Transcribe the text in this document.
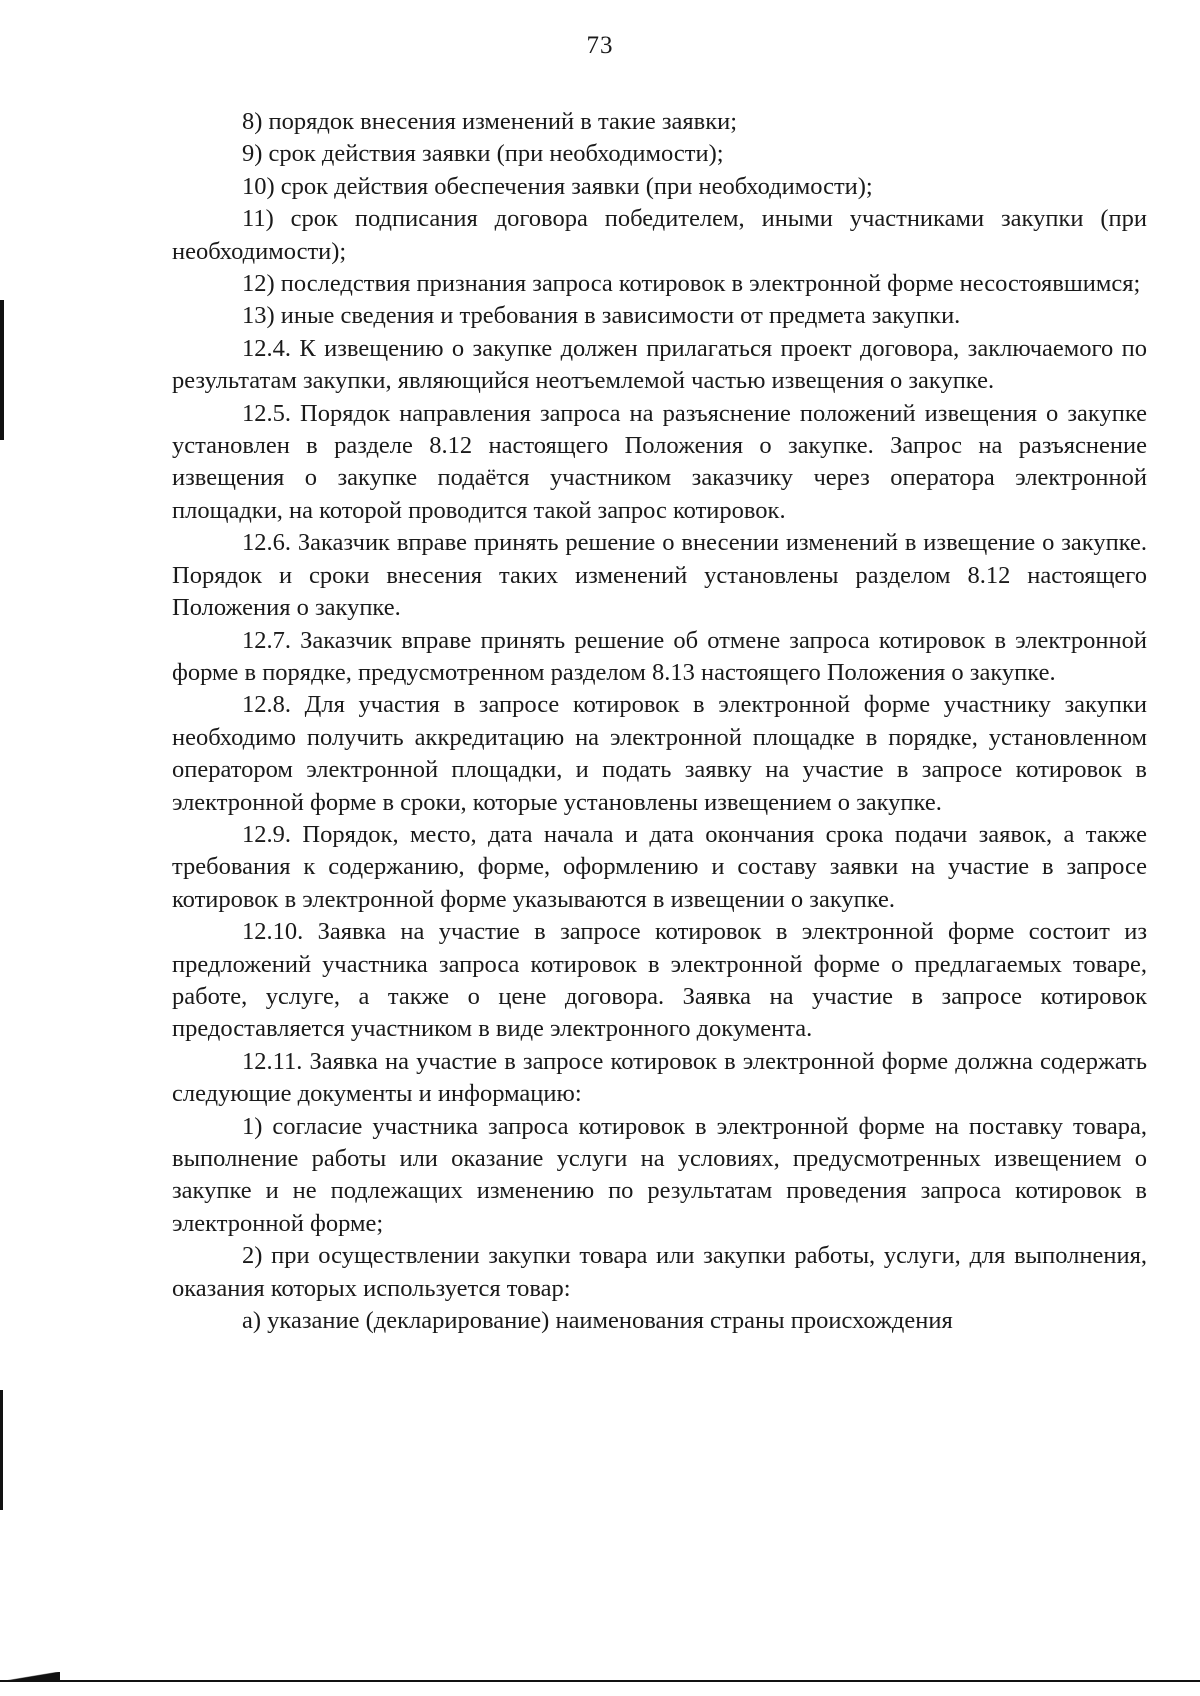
73

8) порядок внесения изменений в такие заявки;

9) срок действия заявки (при необходимости);

10) срок действия обеспечения заявки (при необходимости);

11) срок подписания договора победителем, иными участниками закупки (при необходимости);

12) последствия признания запроса котировок в электронной форме несостоявшимся;

13) иные сведения и требования в зависимости от предмета закупки.

12.4. К извещению о закупке должен прилагаться проект договора, заключаемого по результатам закупки, являющийся неотъемлемой частью извещения о закупке.

12.5. Порядок направления запроса на разъяснение положений извещения о закупке установлен в разделе 8.12 настоящего Положения о закупке. Запрос на разъяснение извещения о закупке подаётся участником заказчику через оператора электронной площадки, на которой проводится такой запрос котировок.

12.6. Заказчик вправе принять решение о внесении изменений в извещение о закупке. Порядок и сроки внесения таких изменений установлены разделом 8.12 настоящего Положения о закупке.

12.7. Заказчик вправе принять решение об отмене запроса котировок в электронной форме в порядке, предусмотренном разделом 8.13 настоящего Положения о закупке.

12.8. Для участия в запросе котировок в электронной форме участнику закупки необходимо получить аккредитацию на электронной площадке в порядке, установленном оператором электронной площадки, и подать заявку на участие в запросе котировок в электронной форме в сроки, которые установлены извещением о закупке.

12.9. Порядок, место, дата начала и дата окончания срока подачи заявок, а также требования к содержанию, форме, оформлению и составу заявки на участие в запросе котировок в электронной форме указываются в извещении о закупке.

12.10. Заявка на участие в запросе котировок в электронной форме состоит из предложений участника запроса котировок в электронной форме о предлагаемых товаре, работе, услуге, а также о цене договора. Заявка на участие в запросе котировок предоставляется участником в виде электронного документа.

12.11. Заявка на участие в запросе котировок в электронной форме должна содержать следующие документы и информацию:

1) согласие участника запроса котировок в электронной форме на поставку товара, выполнение работы или оказание услуги на условиях, предусмотренных извещением о закупке и не подлежащих изменению по результатам проведения запроса котировок в электронной форме;

2) при осуществлении закупки товара или закупки работы, услуги, для выполнения, оказания которых используется товар:

а) указание (декларирование) наименования страны происхождения
